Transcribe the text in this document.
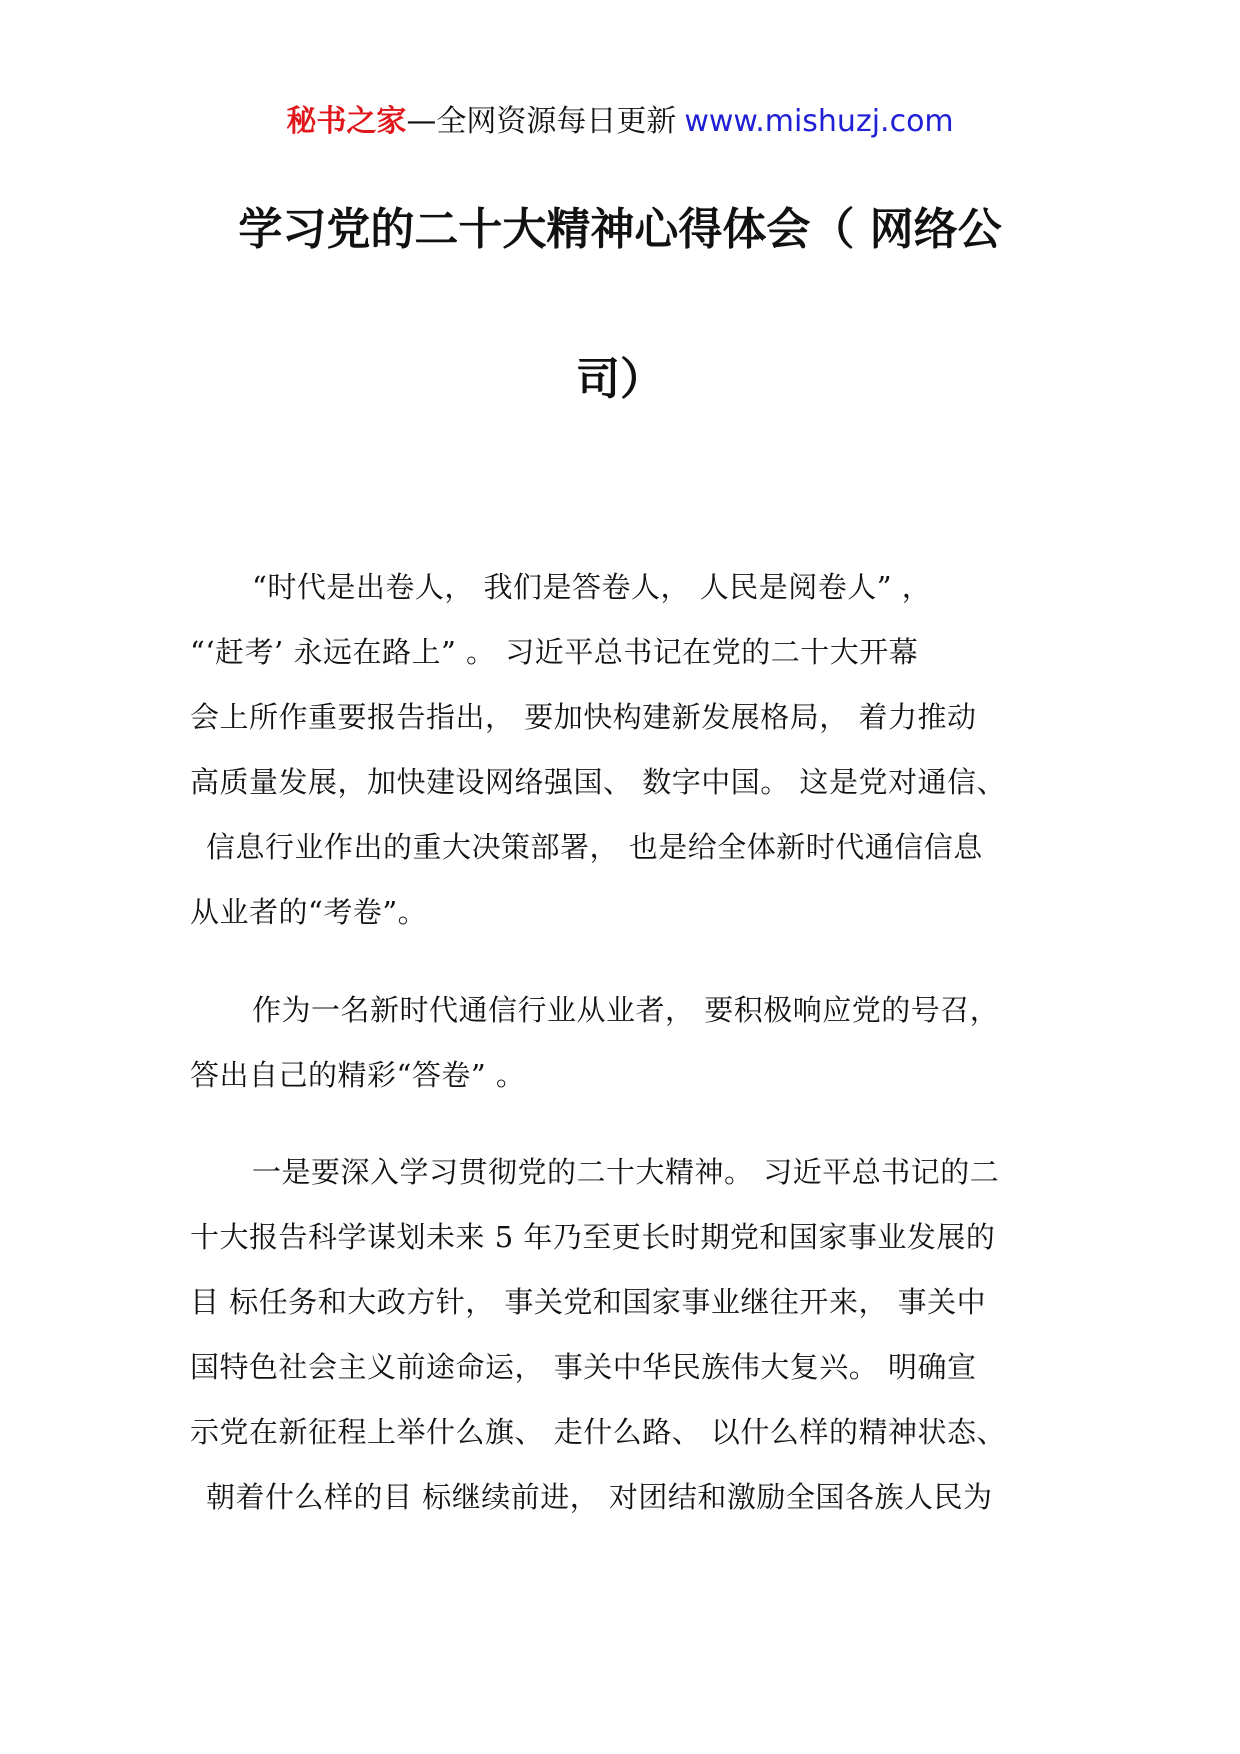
秘书之家—全网资源每日更新 www.mishuzj.com
学习党的二十大精神心得体会（ 网络公
司）
“时代是出卷人， 我们是答卷人， 人民是阅卷人” ，
“‘赶考’ 永远在路上” 。 习近平总书记在党的二十大开幕
会上所作重要报告指出， 要加快构建新发展格局， 着力推动
高质量发展，加快建设网络强国、 数字中国。 这是党对通信、
信息行业作出的重大决策部署， 也是给全体新时代通信信息
从业者的“考卷”。
作为一名新时代通信行业从业者， 要积极响应党的号召，
答出自己的精彩“答卷” 。
一是要深入学习贯彻党的二十大精神。 习近平总书记的二
十大报告科学谋划未来 5 年乃至更长时期党和国家事业发展的
目 标任务和大政方针， 事关党和国家事业继往开来， 事关中
国特色社会主义前途命运， 事关中华民族伟大复兴。 明确宣
示党在新征程上举什么旗、 走什么路、 以什么样的精神状态、
朝着什么样的目 标继续前进， 对团结和激励全国各族人民为
